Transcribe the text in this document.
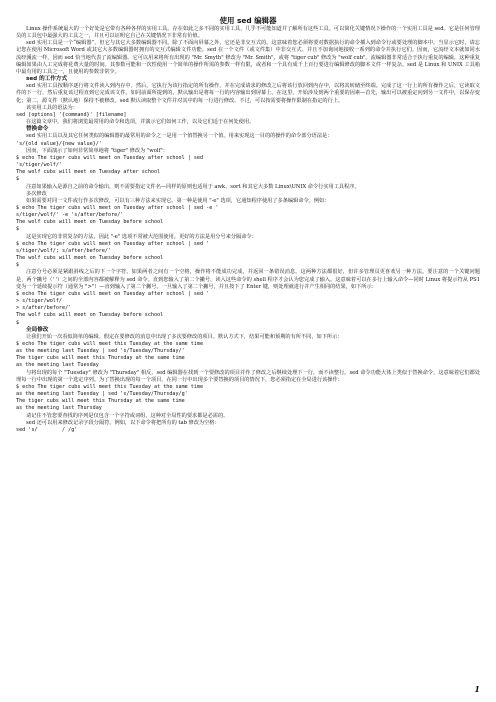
使用 sed 编辑器
Linux 操作系统最大的一个好处是它带有各种各样的实用工具。存在如此之多不同的实用工具，几乎不可能知道并了解所有这些工具。可以简化关键情况下操作的一个实用工具是 sed。它是任何管理员的工具包中最强大的工具之一，并且可以证明它自己在关键情况下非常有价值。
sed 实用工具是一个“编辑器”，但它与其它大多数编辑器不同。除了不面向屏幕之外，它还是非交互式的。这意味着您必须将要对数据执行的命令插入到命令行或要处理的脚本中。当显示它时，请忘记您在使用 Microsoft Word 或其它大多数编辑器时拥有的交互式编辑文件功能。sed 在一个文件（或文件集）中非交互式、并且不加询问地接收一系列的命令并执行它们。因而，它流经文本就如同水流经溪流一样，因而 sed 恰当地代表了流编辑器。它可以用来将所有出现的 "Mr. Smyth" 修改为 "Mr. Smith"，或将 "tiger cub" 修改为 "wolf cub"。流编辑器非常适合于执行重复的编辑，这种重复编辑如果由人工完成将花费大量的时间。其参数可能和一次性使用一个简单的操作所需的参数一样有限，或者和一个具有成千上百行要进行编辑修改的脚本文件一样复杂。sed 是 Linux 和 UNIX 工具箱中最有用的工具之一，且使用的参数非常少。
sed 的工作方式
sed 实用工具按顺序逐行将文件读入到内存中。然后，它执行为该行指定的所有操作，并在完成请求的修改之后将该行放回到内存中，以将其转储至终端。完成了这一行上的所有操作之后，它读取文件的下一行，然后重复该过程直到它完成该文件。如同前面所提到的，默认输出是将每一行的内容输出到屏幕上。在这里，开始涉及到两个重要的因素—首先，输出可以被重定向到另一文件中，以保存变化；第二，源文件（默认地）保持不被修改。sed 默认读取整个文件并对其中的每一行进行修改。不过，可以按需要将操作限制在指定的行上。
该实用工具的语法为：
sed [options] '{command}' [filename]
在这篇文章中，我们将浏览最常用的命令和选项，并演示它们如何工作，以及它们适于在何处使用。
替换命令
sed 实用工具以及其它任何类似的编辑器的最常用的命令之一是用一个值替换另一个值。用来实现这一目的的操作的命令部分语法是：
's/{old value}/{new value}/'
因而，下面演示了如何非常简单地将 "tiger" 修改为 "wolf"：
$ echo The tiger cubs will meet on Tuesday after school | sed
's/tiger/wolf/'
The wolf cubs will meet on Tuesday after school
$
注意如果输入是源自之前的命令输出，则不需要指定文件名—同样的原则也适用于 awk、sort 和其它大多数 Linux\UNIX 命令行实用工具程序。
多次修改
如果需要对同一文件或行作多次修改，可以有三种方法来实现它。第一种是使用 "-e" 选项，它通知程序使用了多条编辑命令。例如：
$ echo The tiger cubs will meet on Tuesday after school | sed -e '
s/tiger/wolf/' -e 's/after/before/'
The wolf cubs will meet on Tuesday before school
$
这是实现它的非常复杂的方法，因此 "-e" 选项不常被大范围使用。更好的方法是用分号来分隔命令：
$ echo The tiger cubs will meet on Tuesday after school | sed '
s/tiger/wolf/; s/after/before/'
The wolf cubs will meet on Tuesday before school
$
注意分号必须是紧跟斜线之后的下一个字符。如果两者之间有一个空格，操作将不能成功完成，并返回一条错误消息。这两种方法都很好，但许多管理员更喜欢另一种方法。要注意的一个关键问题是，两个撇号（' '）之间的全部内容都被解释为 sed 命令。直到您输入了第二个撇号，读入这些命令的 shell 程序才会认为您完成了输入。这意味着可以在多行上输入命令—同时 Linux 将提示符从 PS1 变为一个延续提示符（通常为 ">"）—直到输入了第二个撇号。一旦输入了第二个撇号，并且按下了 Enter 键，则处理就进行并产生相同的结果，如下所示：
$ echo The tiger cubs will meet on Tuesday after school | sed '
> s/tiger/wolf/
> s/after/before/'
The wolf cubs will meet on Tuesday before school
$
全局修改
让我们开始一次看似简单的编辑。假定在要修改的消息中出现了多次要修改的项目。默认方式下，结果可能和预期的有所不同，如下所示：
$ echo The tiger cubs will meet this Tuesday at the same time
as the meeting last Tuesday | sed 's/Tuesday/Thursday/'
The tiger cubs will meet this Thursday at the same time
as the meeting last Tuesday
与将出现的每个 "Tuesday" 修改为 "Thursday" 相反，sed 编辑器在找到一个要修改的项目并作了修改之后继续处理下一行，而不读整行。sed 命令功能大体上类似于替换命令，这意味着它们都处理每一行中出现的第一个选定序列。为了替换出现的每一个项目，在同一行中出现多个要替换的项目的情况下，您必须指定在全局进行该操作：
$ echo The tiger cubs will meet this Tuesday at the same time
as the meeting last Tuesday | sed 's/Tuesday/Thursday/g'
The tiger cubs will meet this Thursday at the same time
as the meeting last Thursday
请记住不管您要查找的序列是仅包含一个字符或词组，这种对全局性的要求都是必需的。
sed 还可以用来修改记录字段分隔符。例如，以下命令将把所有的 tab 修改为空格：
sed 's/        / /g'
1
